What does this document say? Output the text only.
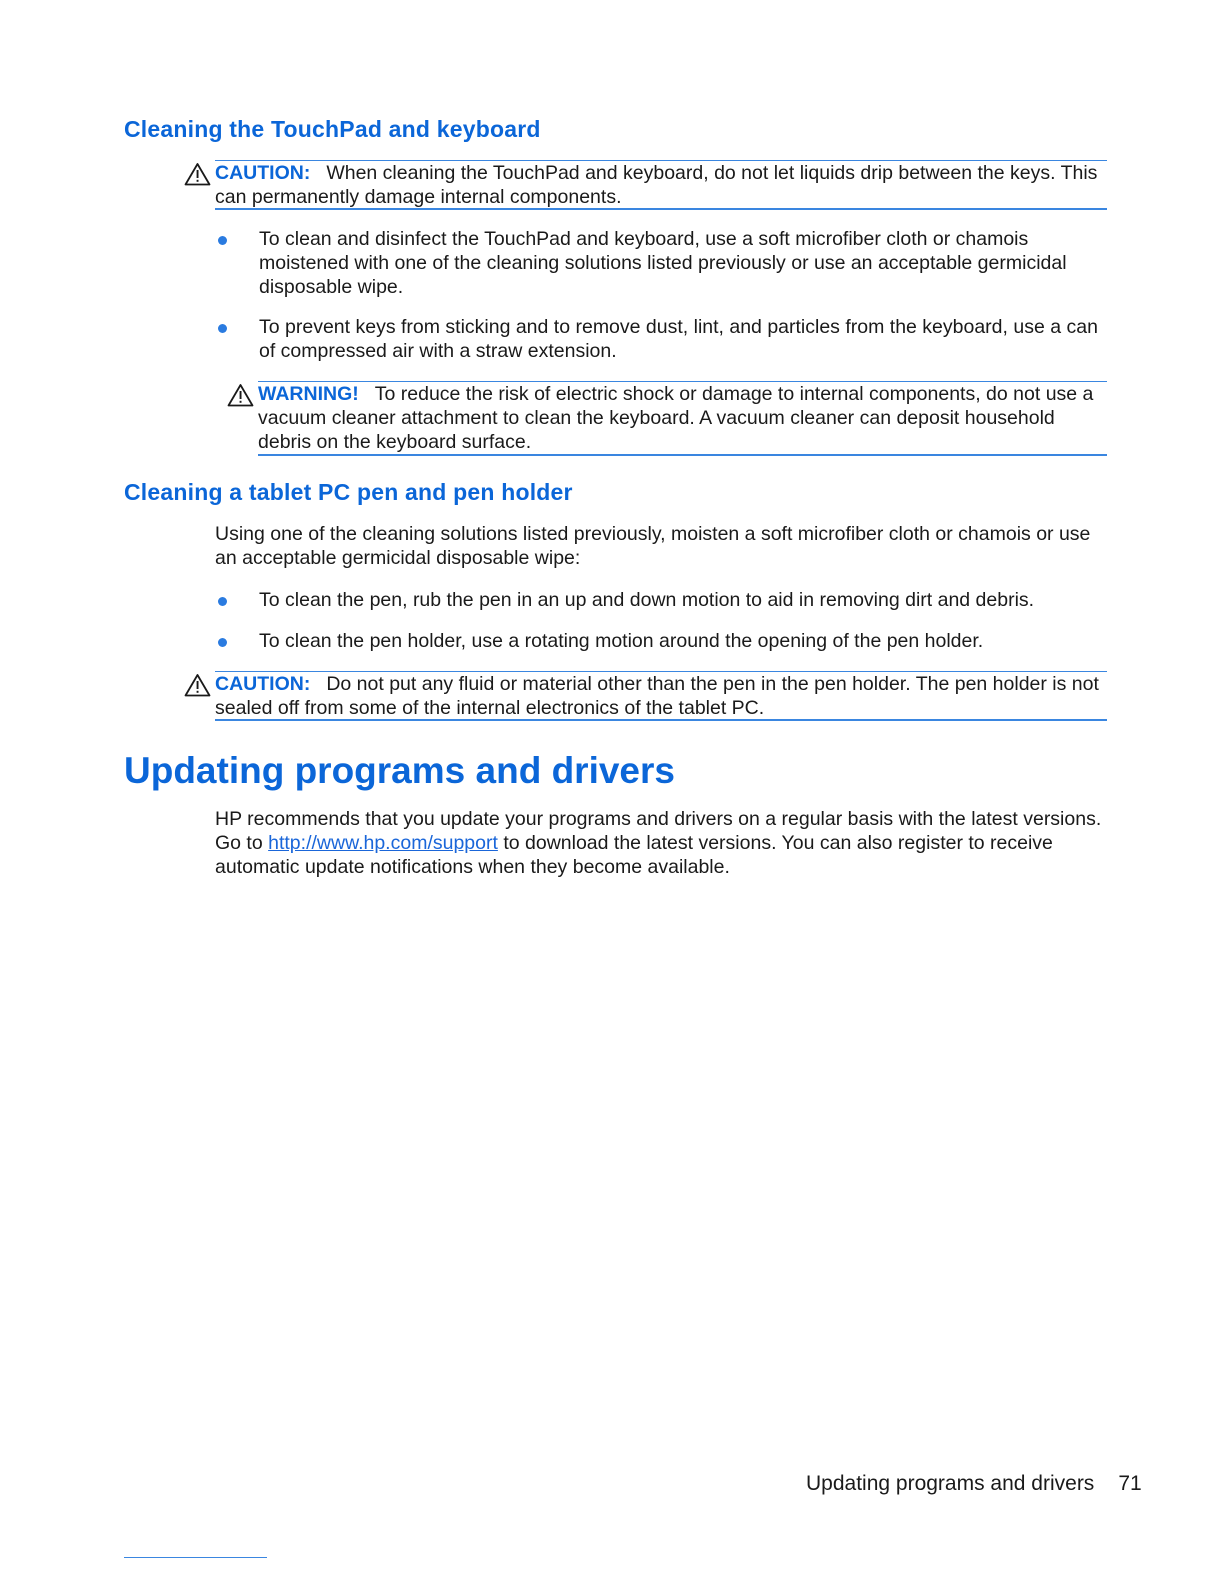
Cleaning the TouchPad and keyboard
CAUTION: When cleaning the TouchPad and keyboard, do not let liquids drip between the keys. This can permanently damage internal components.
To clean and disinfect the TouchPad and keyboard, use a soft microfiber cloth or chamois moistened with one of the cleaning solutions listed previously or use an acceptable germicidal disposable wipe.
To prevent keys from sticking and to remove dust, lint, and particles from the keyboard, use a can of compressed air with a straw extension.
WARNING! To reduce the risk of electric shock or damage to internal components, do not use a vacuum cleaner attachment to clean the keyboard. A vacuum cleaner can deposit household debris on the keyboard surface.
Cleaning a tablet PC pen and pen holder

Using one of the cleaning solutions listed previously, moisten a soft microfiber cloth or chamois or use an acceptable germicidal disposable wipe:

To clean the pen, rub the pen in an up and down motion to aid in removing dirt and debris.
To clean the pen holder, use a rotating motion around the opening of the pen holder.
CAUTION: Do not put any fluid or material other than the pen in the pen holder. The pen holder is not sealed off from some of the internal electronics of the tablet PC.
Updating programs and drivers

HP recommends that you update your programs and drivers on a regular basis with the latest versions. Go to http://www.hp.com/support to download the latest versions. You can also register to receive automatic update notifications when they become available.

Updating programs and drivers 71
